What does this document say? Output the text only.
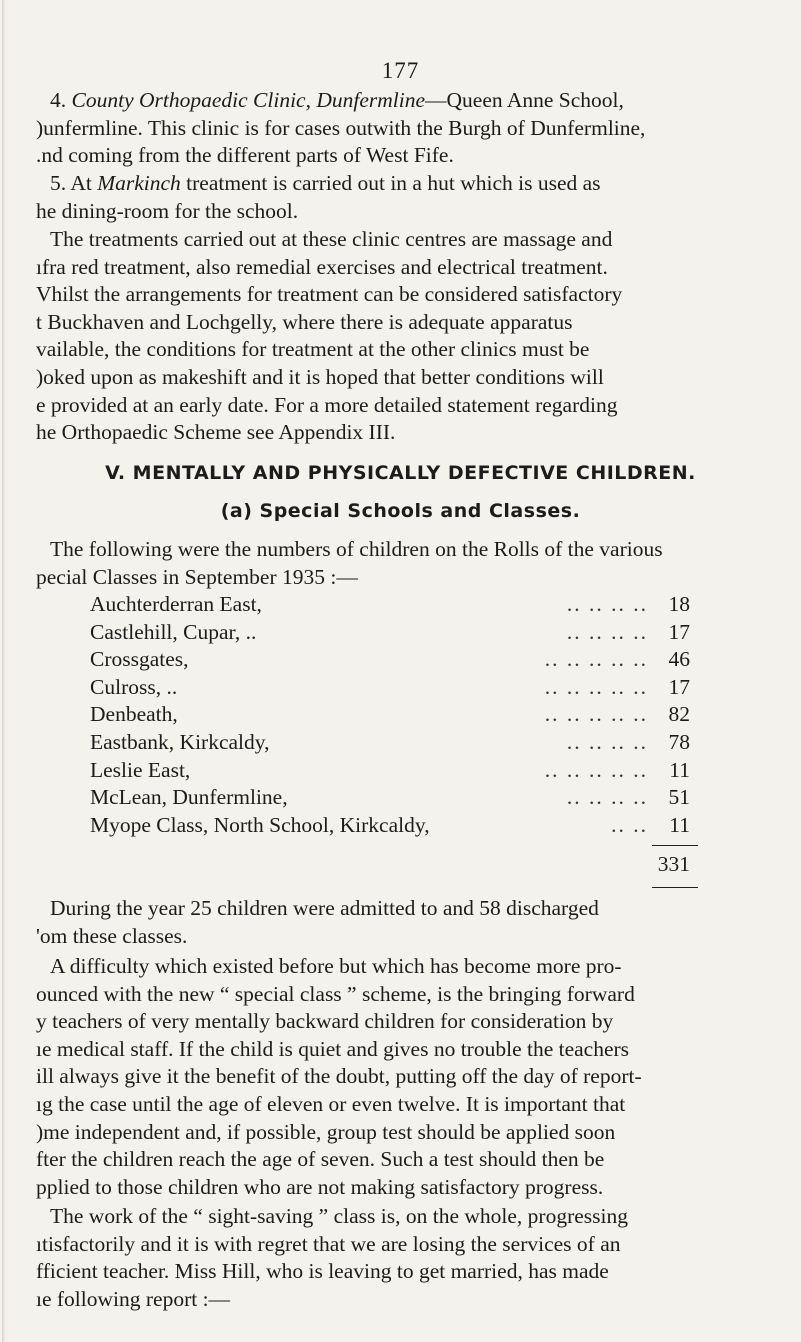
177
4. County Orthopaedic Clinic, Dunfermline—Queen Anne School,
)unfermline. This clinic is for cases outwith the Burgh of Dunfermline,
.nd coming from the different parts of West Fife.
5. At Markinch treatment is carried out in a hut which is used as
he dining-room for the school.
The treatments carried out at these clinic centres are massage and
ıfra red treatment, also remedial exercises and electrical treatment.
Vhilst the arrangements for treatment can be considered satisfactory
t Buckhaven and Lochgelly, where there is adequate apparatus
vailable, the conditions for treatment at the other clinics must be
)oked upon as makeshift and it is hoped that better conditions will
e provided at an early date. For a more detailed statement regarding
he Orthopaedic Scheme see Appendix III.
V. MENTALLY AND PHYSICALLY DEFECTIVE CHILDREN.
(a) Special Schools and Classes.
The following were the numbers of children on the Rolls of the various
pecial Classes in September 1935 :—
Auchterderran East,	.. .. .. .. 18
Castlehill, Cupar, ..	.. .. .. .. 17
Crossgates,	.. .. .. .. .. 46
Culross, ..	.. .. .. .. .. 17
Denbeath,	.. .. .. .. .. 82
Eastbank, Kirkcaldy,	.. .. .. .. 78
Leslie East,	.. .. .. .. .. 11
McLean, Dunfermline,	.. .. .. .. 51
Myope Class, North School, Kirkcaldy,	.. .. 11
331
During the year 25 children were admitted to and 58 discharged
'om these classes.
A difficulty which existed before but which has become more pro-
ounced with the new “ special class ” scheme, is the bringing forward
y teachers of very mentally backward children for consideration by
ıe medical staff. If the child is quiet and gives no trouble the teachers
ill always give it the benefit of the doubt, putting off the day of report-
ıg the case until the age of eleven or even twelve. It is important that
)me independent and, if possible, group test should be applied soon
fter the children reach the age of seven. Such a test should then be
pplied to those children who are not making satisfactory progress.
The work of the “ sight-saving ” class is, on the whole, progressing
ıtisfactorily and it is with regret that we are losing the services of an
fficient teacher. Miss Hill, who is leaving to get married, has made
ıe following report :—
